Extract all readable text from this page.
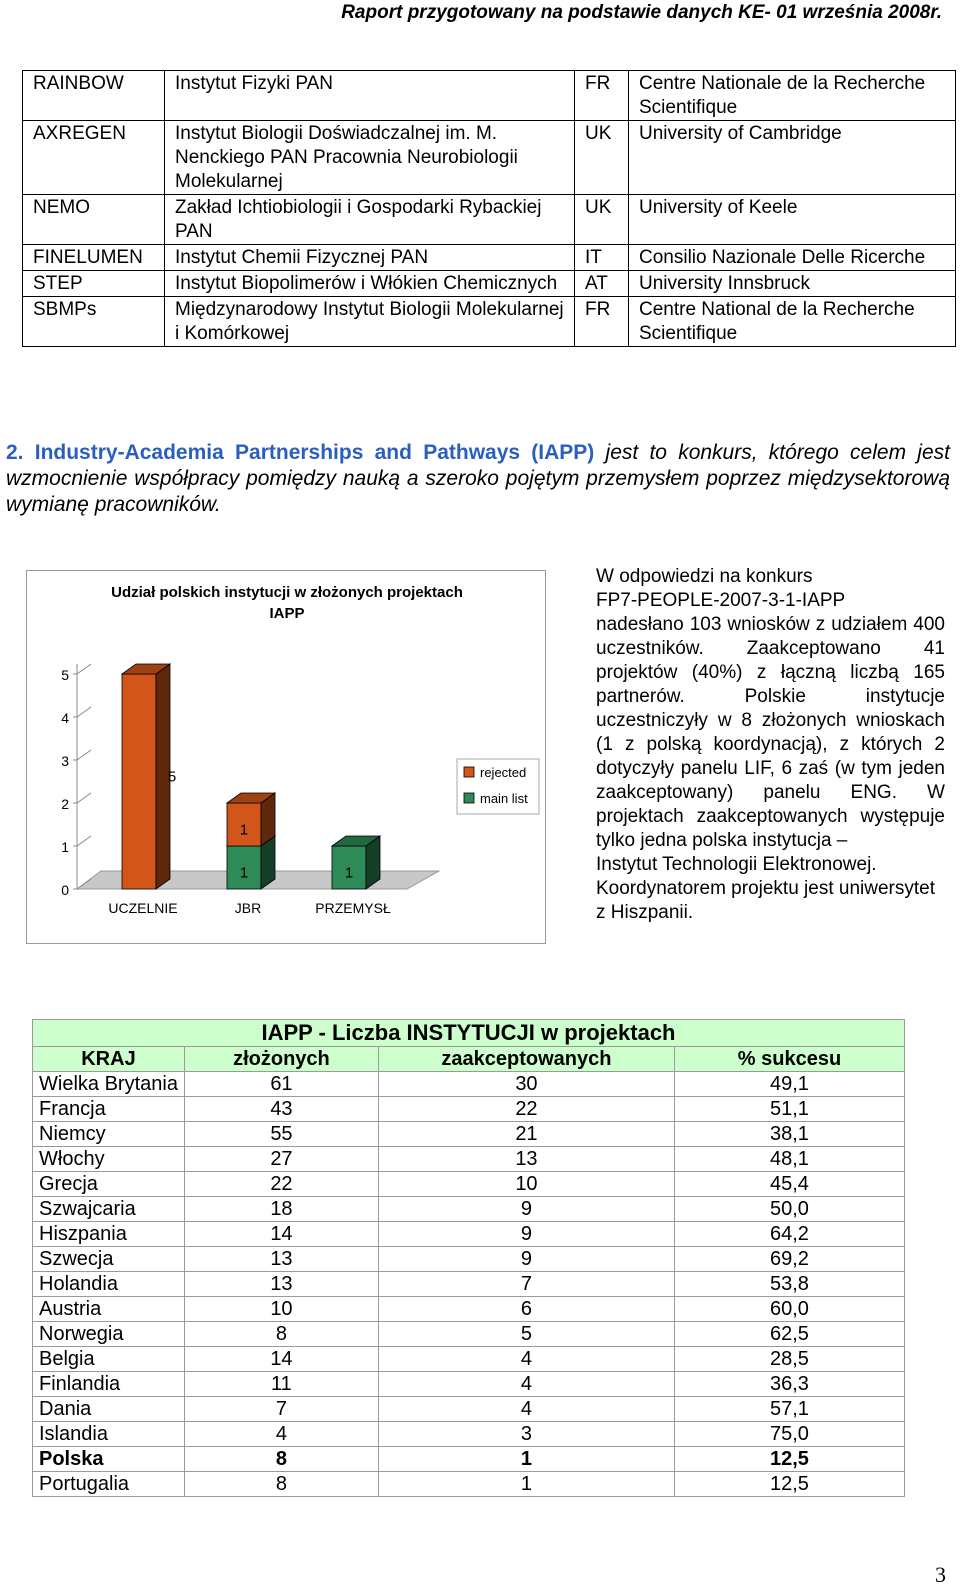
Raport przygotowany na podstawie danych KE- 01 września 2008r.
RAINBOW	Instytut Fizyki PAN	FR	Centre Nationale de la Recherche Scientifique
AXREGEN	Instytut Biologii Doświadczalnej im. M. Nenckiego PAN Pracownia Neurobiologii Molekularnej	UK	University of Cambridge
NEMO	Zakład Ichtiobiologii i Gospodarki Rybackiej PAN	UK	University of Keele
FINELUMEN	Instytut Chemii Fizycznej PAN	IT	Consilio Nazionale Delle Ricerche
STEP	Instytut Biopolimerów i Włókien Chemicznych	AT	University Innsbruck
SBMPs	Międzynarodowy Instytut Biologii Molekularnej i Komórkowej	FR	Centre National de la Recherche Scientifique
2. Industry-Academia Partnerships and Pathways (IAPP) jest to konkurs, którego celem jest wzmocnienie współpracy pomiędzy nauką a szeroko pojętym przemysłem poprzez międzysektorową wymianę pracowników.
0
1
2
3
4
5
5
UCZELNIE
1
1
JBR
1
PRZEMYSŁ
Udział polskich instytucji w złożonych projektach
IAPP
rejected
main list
W odpowiedzi na konkurs
FP7-PEOPLE-2007-3-1-IAPP
nadesłano 103 wniosków z udziałem 400 uczestników. Zaakceptowano 41 projektów (40%) z łączną liczbą 165 partnerów. Polskie instytucje uczestniczyły w 8 złożonych wnioskach (1 z polską koordynacją), z których 2 dotyczyły panelu LIF, 6 zaś (w tym jeden zaakceptowany) panelu ENG. W projektach zaakceptowanych występuje tylko jedna polska instytucja –
Instytut Technologii Elektronowej. Koordynatorem projektu jest uniwersytet z Hiszpanii.
IAPP - Liczba INSTYTUCJI w projektach			
KRAJ	złożonych	zaakceptowanych	% sukcesu
Wielka Brytania	61	30	49,1
Francja	43	22	51,1
Niemcy	55	21	38,1
Włochy	27	13	48,1
Grecja	22	10	45,4
Szwajcaria	18	9	50,0
Hiszpania	14	9	64,2
Szwecja	13	9	69,2
Holandia	13	7	53,8
Austria	10	6	60,0
Norwegia	8	5	62,5
Belgia	14	4	28,5
Finlandia	11	4	36,3
Dania	7	4	57,1
Islandia	4	3	75,0
Polska	8	1	12,5
Portugalia	8	1	12,5
3
